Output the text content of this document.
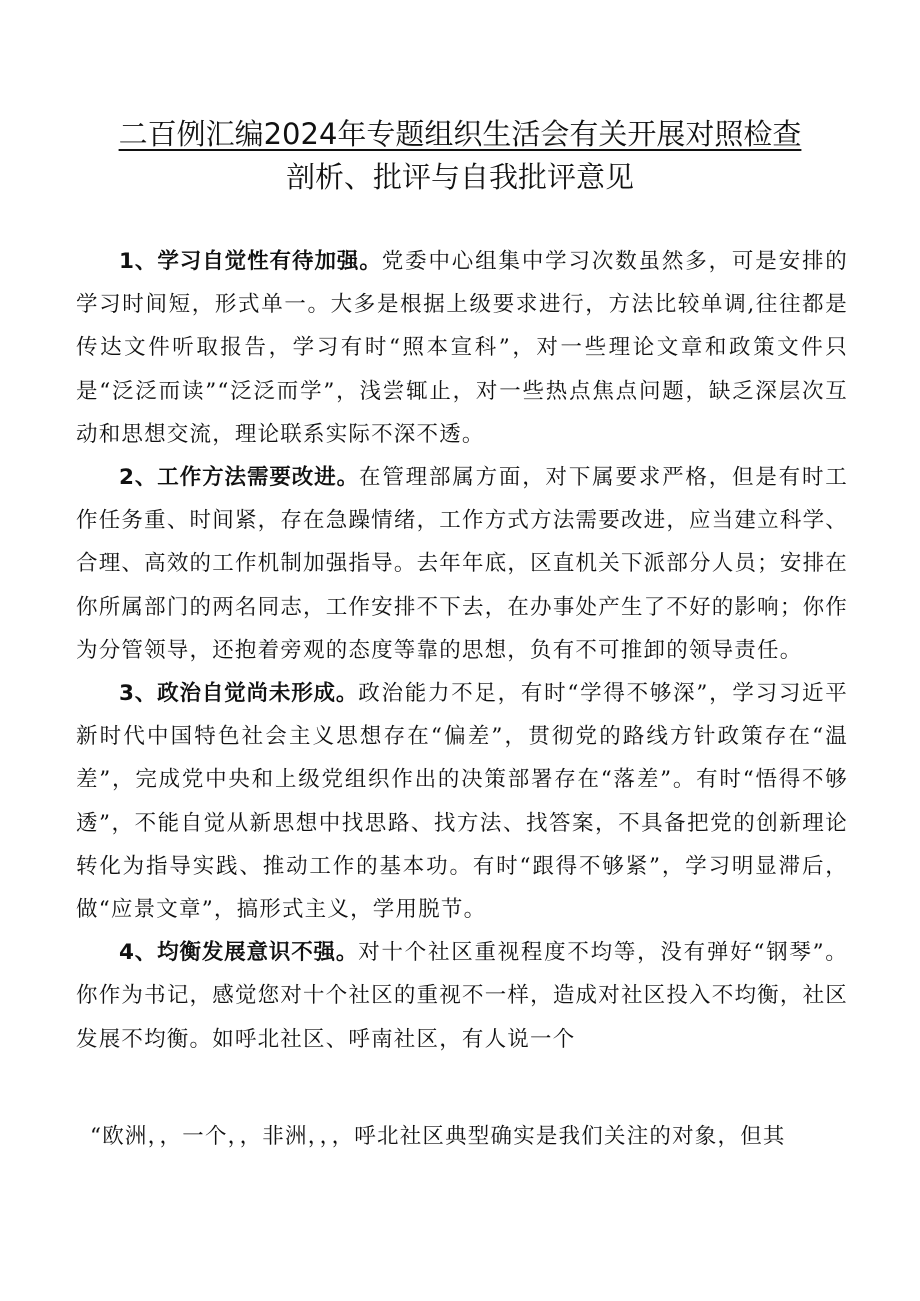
二百例汇编2024年专题组织生活会有关开展对照检查
剖析、批评与自我批评意见

1、学习自觉性有待加强。党委中心组集中学习次数虽然多，可是安排的学习时间短，形式单一。大多是根据上级要求进行，方法比较单调,往往都是传达文件听取报告，学习有时“照本宣科”，对一些理论文章和政策文件只是“泛泛而读”“泛泛而学”，浅尝辄止，对一些热点焦点问题，缺乏深层次互动和思想交流，理论联系实际不深不透。

2、工作方法需要改进。在管理部属方面，对下属要求严格，但是有时工作任务重、时间紧，存在急躁情绪，工作方式方法需要改进，应当建立科学、合理、高效的工作机制加强指导。去年年底，区直机关下派部分人员；安排在你所属部门的两名同志，工作安排不下去，在办事处产生了不好的影响；你作为分管领导，还抱着旁观的态度等靠的思想，负有不可推卸的领导责任。

3、政治自觉尚未形成。政治能力不足，有时“学得不够深”，学习习近平新时代中国特色社会主义思想存在“偏差”，贯彻党的路线方针政策存在“温差”，完成党中央和上级党组织作出的决策部署存在“落差”。有时“悟得不够透”，不能自觉从新思想中找思路、找方法、找答案，不具备把党的创新理论转化为指导实践、推动工作的基本功。有时“跟得不够紧”，学习明显滞后，做“应景文章”，搞形式主义，学用脱节。

4、均衡发展意识不强。对十个社区重视程度不均等，没有弹好“钢琴”。你作为书记，感觉您对十个社区的重视不一样，造成对社区投入不均衡，社区发展不均衡。如呼北社区、呼南社区，有人说一个

“欧洲，，一个，，非洲，，，呼北社区典型确实是我们关注的对象，但其
